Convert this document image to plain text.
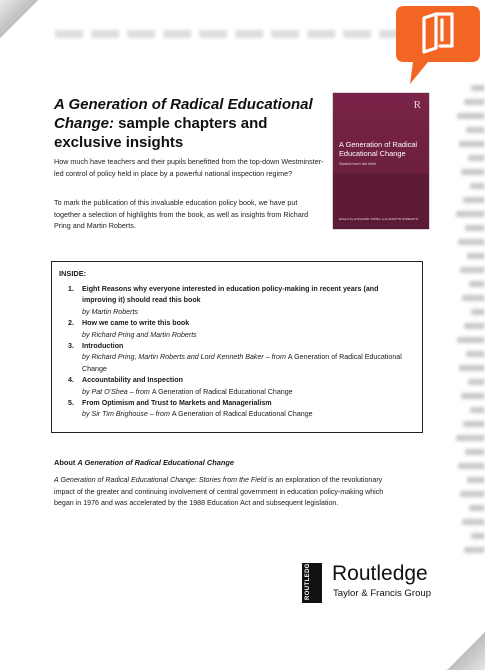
A Generation of Radical Educational Change: sample chapters and exclusive insights

How much have teachers and their pupils benefitted from the top-down Westminster-led control of policy held in place by a powerful national inspection regime?

To mark the publication of this invaluable education policy book, we have put together a selection of highlights from the book, as well as insights from Richard Pring and Martin Roberts.

R
A Generation of Radical Educational Change
Stories from the field
Edited by RICHARD PRING and MARTIN ROBERTS

INSIDE:

1. Eight Reasons why everyone interested in education policy-making in recent years (and improving it) should read this book
by Martin Roberts
2. How we came to write this book
by Richard Pring and Martin Roberts
3. Introduction
by Richard Pring, Martin Roberts and Lord Kenneth Baker – from A Generation of Radical Educational Change
4. Accountability and Inspection
by Pat O’Shea – from A Generation of Radical Educational Change
5. From Optimism and Trust to Markets and Managerialism
by Sir Tim Brighouse – from A Generation of Radical Educational Change

About A Generation of Radical Educational Change

A Generation of Radical Educational Change: Stories from the Field is an exploration of the revolutionary impact of the greater and continuing involvement of central government in education policy-making which began in 1976 and was accelerated by the 1988 Education Act and subsequent legislation.

ROUTLEDGE Routledge

Taylor & Francis Group
